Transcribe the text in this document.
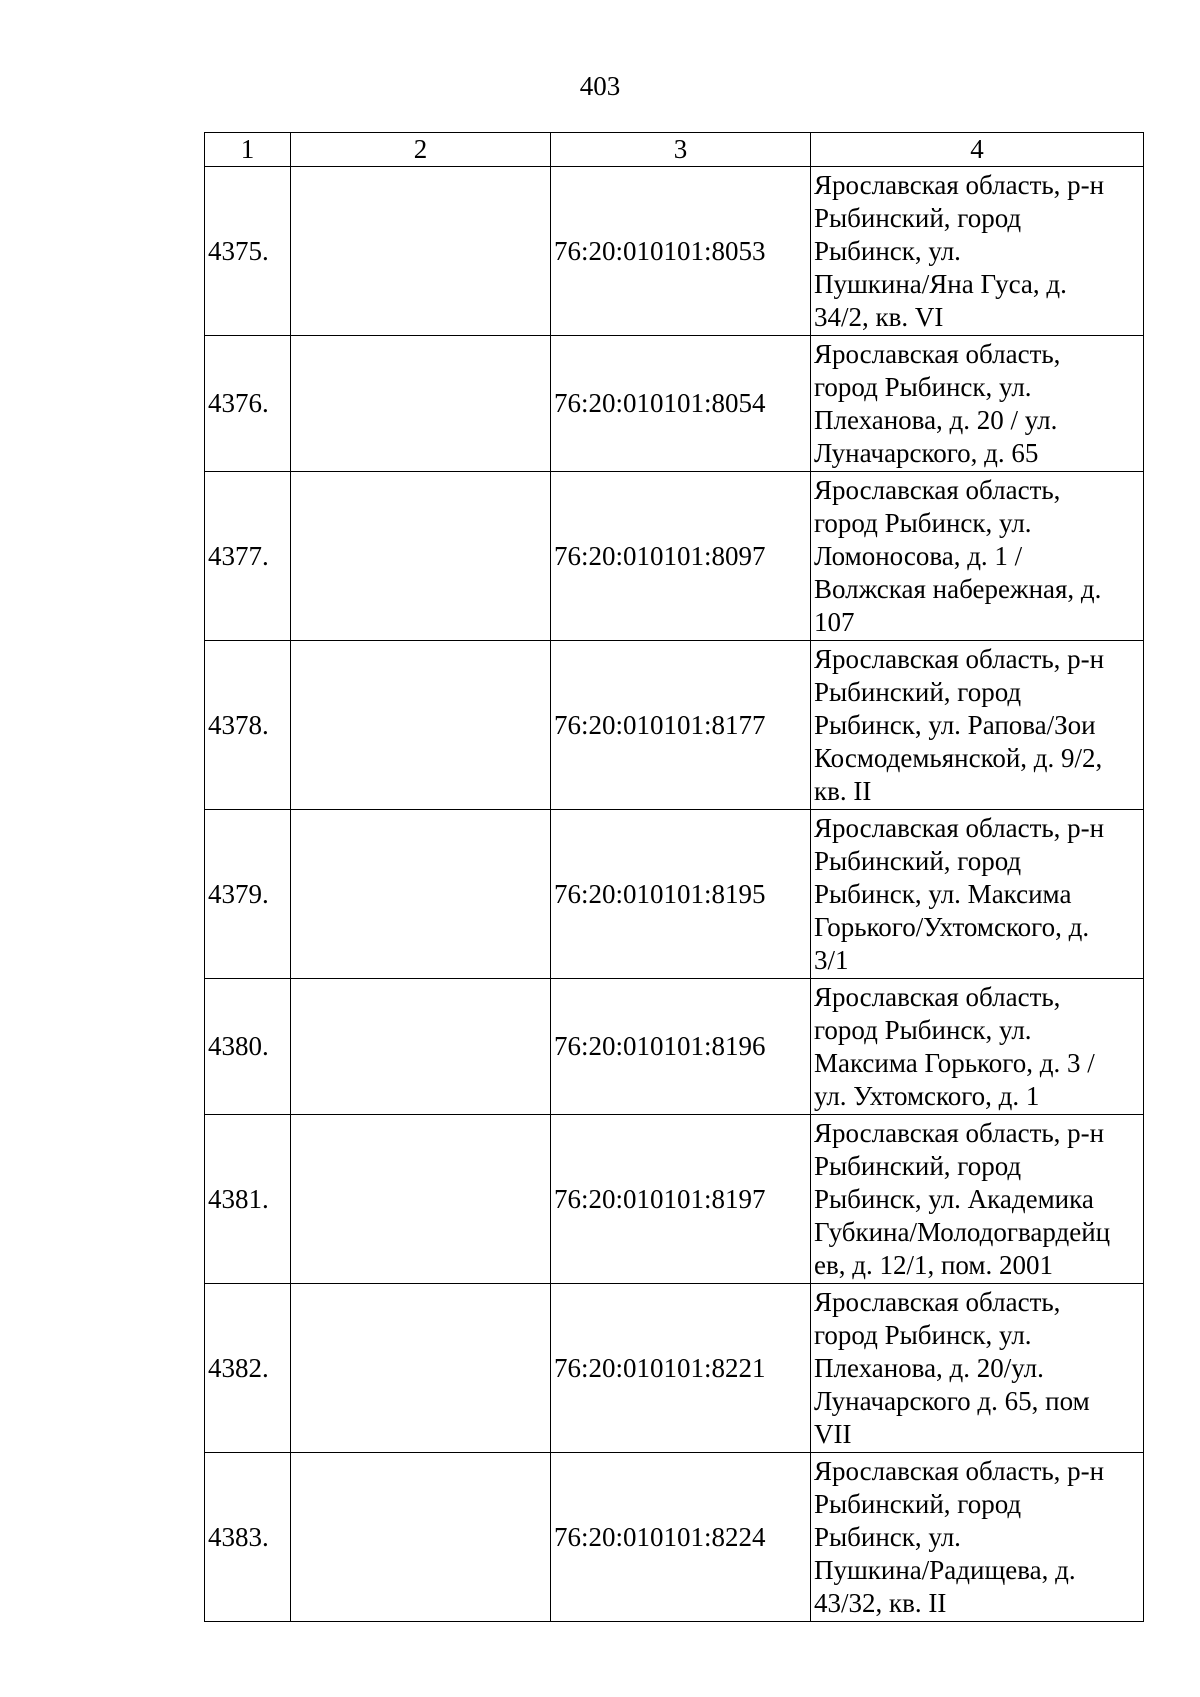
403
1	2	3	4
4375.		76:20:010101:8053	Ярославская область, р-н
Рыбинский, город
Рыбинск, ул.
Пушкина/Яна Гуса, д.
34/2, кв. VI
4376.		76:20:010101:8054	Ярославская область,
город Рыбинск, ул.
Плеханова, д. 20 / ул.
Луначарского, д. 65
4377.		76:20:010101:8097	Ярославская область,
город Рыбинск, ул.
Ломоносова, д. 1 /
Волжская набережная, д.
107
4378.		76:20:010101:8177	Ярославская область, р-н
Рыбинский, город
Рыбинск, ул. Рапова/Зои
Космодемьянской, д. 9/2,
кв. II
4379.		76:20:010101:8195	Ярославская область, р-н
Рыбинский, город
Рыбинск, ул. Максима
Горького/Ухтомского, д.
3/1
4380.		76:20:010101:8196	Ярославская область,
город Рыбинск, ул.
Максима Горького, д. 3 /
ул. Ухтомского, д. 1
4381.		76:20:010101:8197	Ярославская область, р-н
Рыбинский, город
Рыбинск, ул. Академика
Губкина/Молодогвардейц
ев, д. 12/1, пом. 2001
4382.		76:20:010101:8221	Ярославская область,
город Рыбинск, ул.
Плеханова, д. 20/ул.
Луначарского д. 65, пом
VII
4383.		76:20:010101:8224	Ярославская область, р-н
Рыбинский, город
Рыбинск, ул.
Пушкина/Радищева, д.
43/32, кв. II
